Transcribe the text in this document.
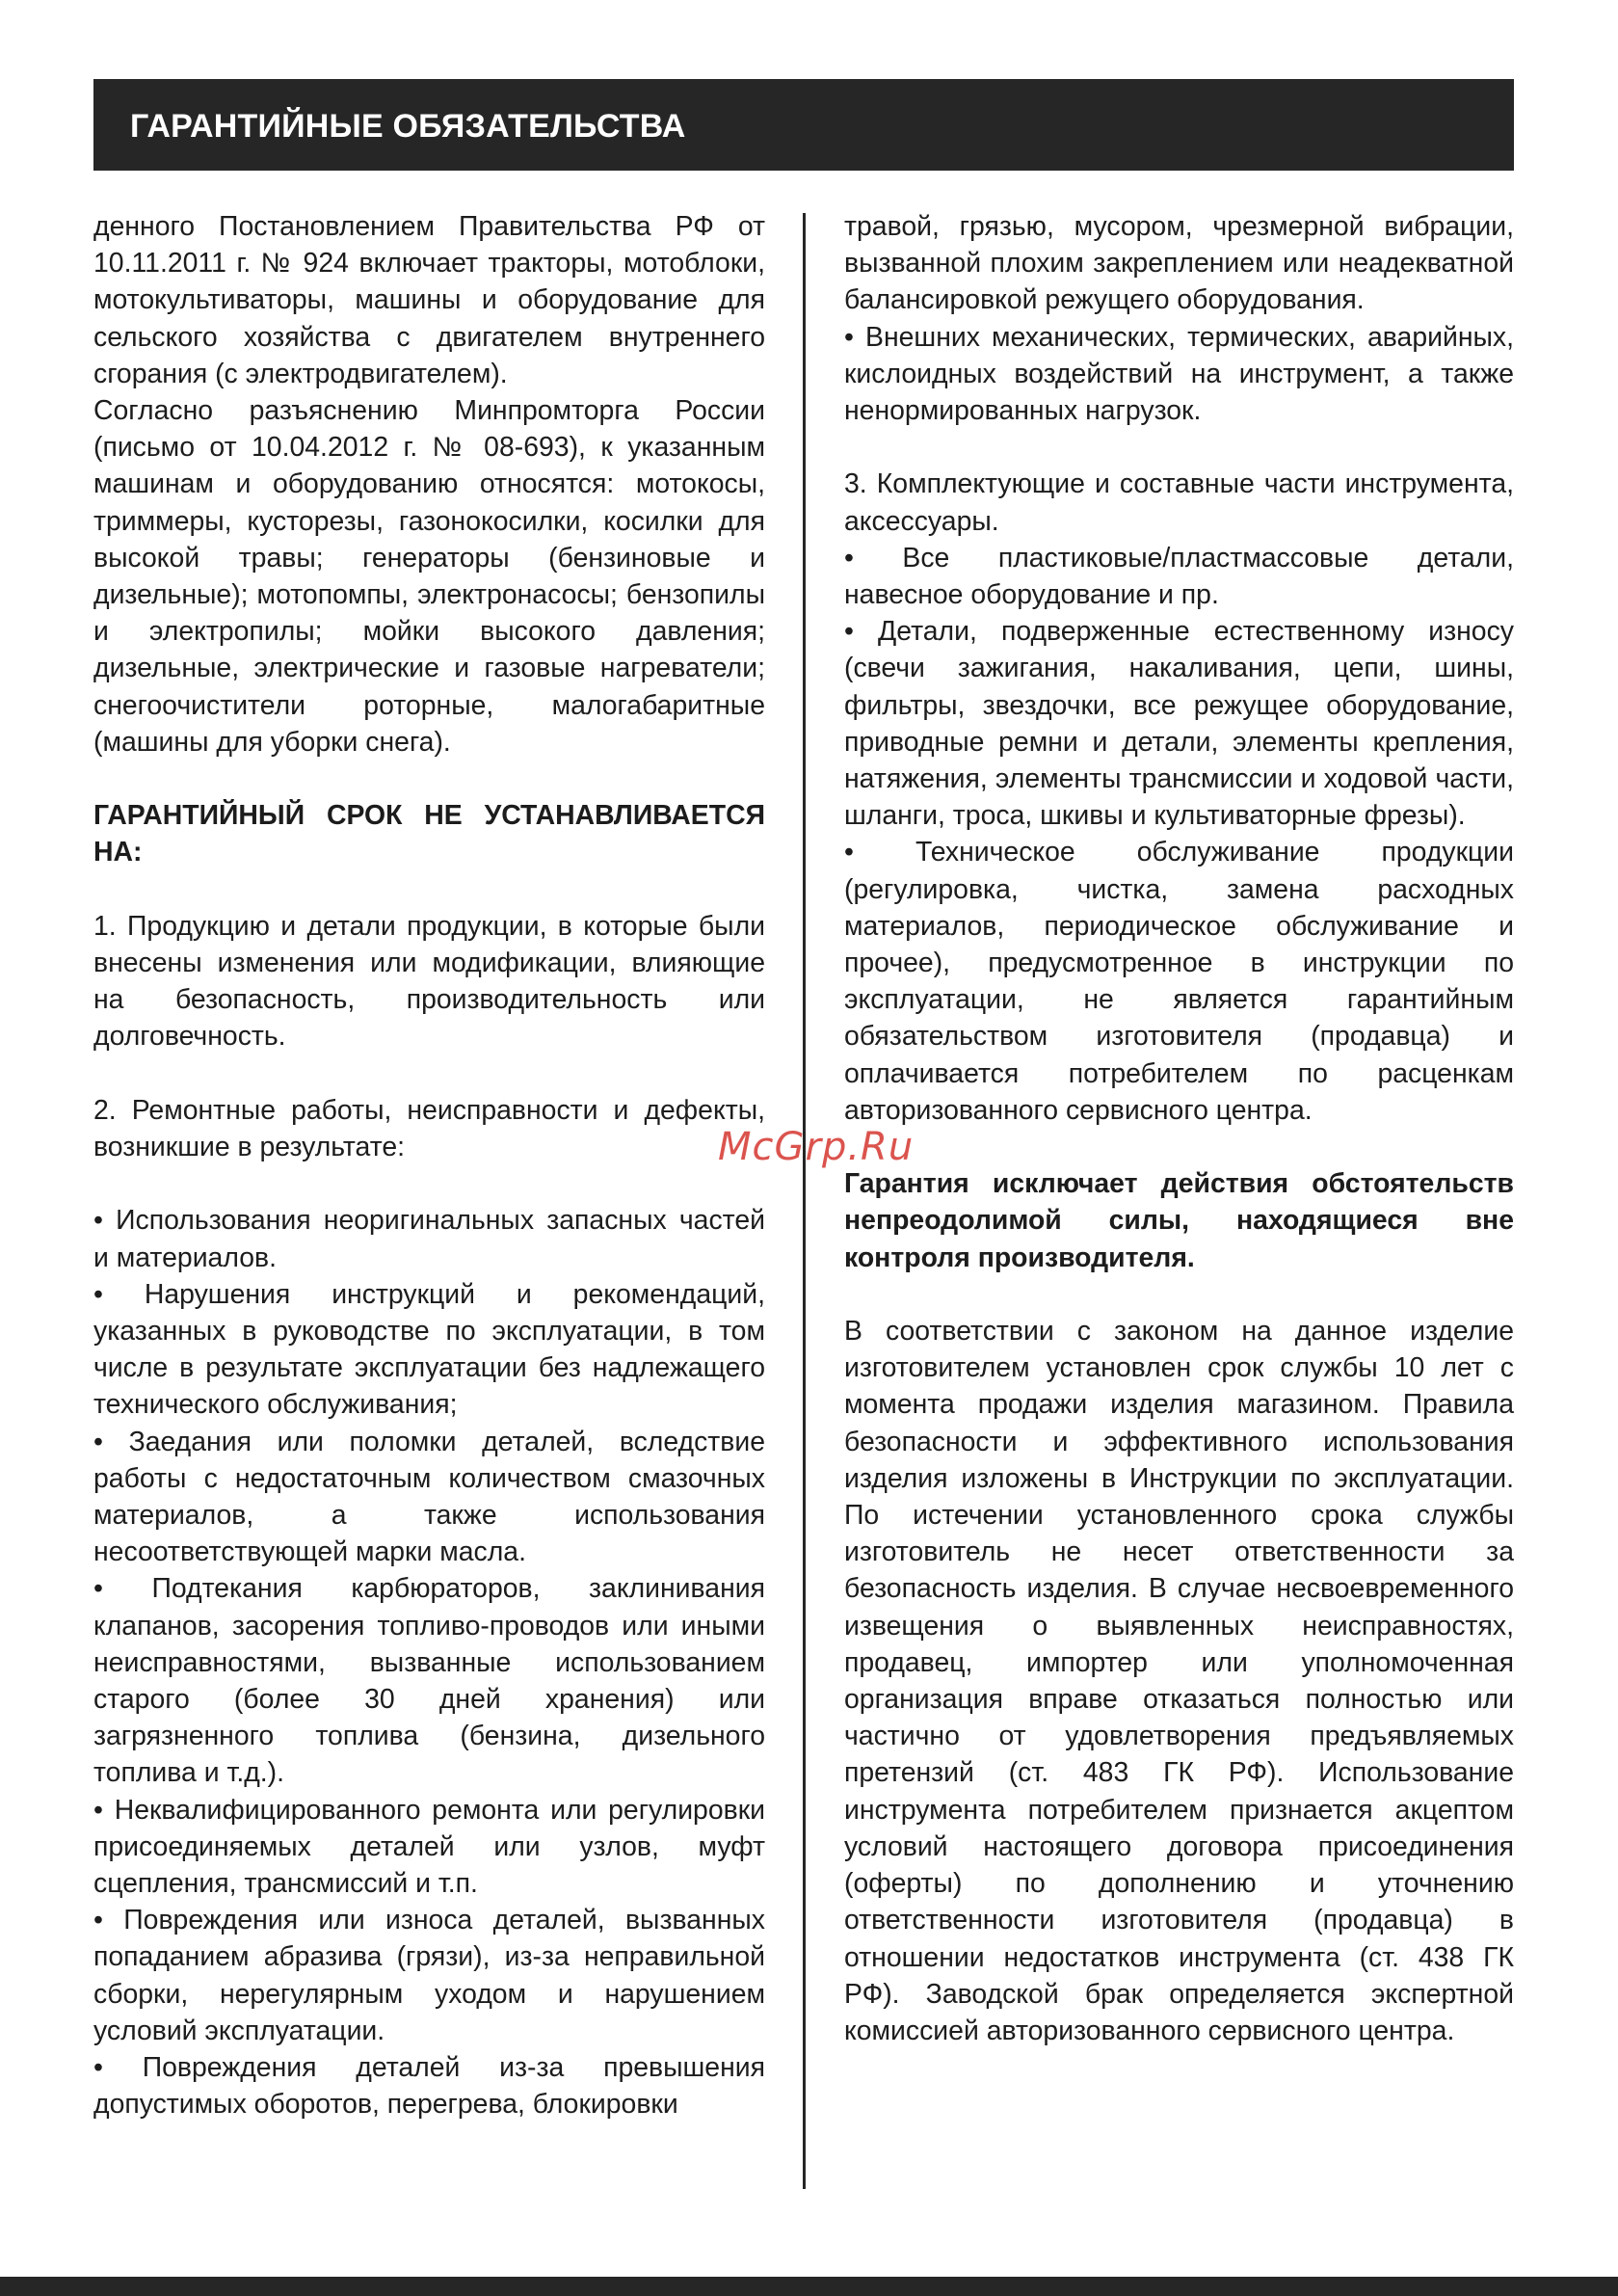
ГАРАНТИЙНЫЕ ОБЯЗАТЕЛЬСТВА

денного Постановлением Правительства РФ от 10.11.2011 г. № 924 включает тракторы, мотоблоки, мотокультиваторы, машины и оборудование для сельского хозяйства с двигателем внутреннего сгорания (с электродвигателем).

Согласно разъяснению Минпромторга России (письмо от 10.04.2012 г. № 08-693), к указанным машинам и оборудованию относятся: мотокосы, триммеры, кусторезы, газонокосилки, косилки для высокой травы; генераторы (бензиновые и дизельные); мотопомпы, электронасосы; бензопилы и электропилы; мойки высокого давления; дизельные, электрические и газовые нагреватели; снегоочистители роторные, малогабаритные (машины для уборки снега).

ГАРАНТИЙНЫЙ СРОК НЕ УСТАНАВЛИВАЕТСЯ НА:

1. Продукцию и детали продукции, в которые были внесены изменения или модификации, влияющие на безопасность, производительность или долговечность.

2. Ремонтные работы, неисправности и дефекты, возникшие в результате:

• Использования неоригинальных запасных частей и материалов.

• Нарушения инструкций и рекомендаций, указанных в руководстве по эксплуатации, в том числе в результате эксплуатации без надлежащего технического обслуживания;

• Заедания или поломки деталей, вследствие работы с недостаточным количеством смазочных материалов, а также использования несоответствующей марки масла.

• Подтекания карбюраторов, заклинивания клапанов, засорения топливо-проводов или иными неисправностями, вызванные использованием старого (более 30 дней хранения) или загрязненного топлива (бензина, дизельного топлива и т.д.).

• Неквалифицированного ремонта или регулировки присоединяемых деталей или узлов, муфт сцепления, трансмиссий и т.п.

• Повреждения или износа деталей, вызванных попаданием абразива (грязи), из-за неправильной сборки, нерегулярным уходом и нарушением условий эксплуатации.

• Повреждения деталей из-за превышения допустимых оборотов, перегрева, блокировки

травой, грязью, мусором, чрезмерной вибрации, вызванной плохим закреплением или неадекватной балансировкой режущего оборудования.

• Внешних механических, термических, аварийных, кислоидных воздействий на инструмент, а также ненормированных нагрузок.

3. Комплектующие и составные части инструмента, аксессуары.

• Все пластиковые/пластмассовые детали, навесное оборудование и пр.

• Детали, подверженные естественному износу (свечи зажигания, накаливания, цепи, шины, фильтры, звездочки, все режущее оборудование, приводные ремни и детали, элементы крепления, натяжения, элементы трансмиссии и ходовой части, шланги, троса, шкивы и культиваторные фрезы).

• Техническое обслуживание продукции (регулировка, чистка, замена расходных материалов, периодическое обслуживание и прочее), предусмотренное в инструкции по эксплуатации, не является гарантийным обязательством изготовителя (продавца) и оплачивается потребителем по расценкам авторизованного сервисного центра.

Гарантия исключает действия обстоятельств непреодолимой силы, находящиеся вне контроля производителя.

В соответствии с законом на данное изделие изготовителем установлен срок службы 10 лет с момента продажи изделия магазином. Правила безопасности и эффективного использования изделия изложены в Инструкции по эксплуатации. По истечении установленного срока службы изготовитель не несет ответственности за безопасность изделия. В случае несвоевременного извещения о выявленных неисправностях, продавец, импортер или уполномоченная организация вправе отказаться полностью или частично от удовлетворения предъявляемых претензий (ст. 483 ГК РФ). Использование инструмента потребителем признается акцептом условий настоящего договора присоединения (оферты) по дополнению и уточнению ответственности изготовителя (продавца) в отношении недостатков инструмента (ст. 438 ГК РФ). Заводской брак определяется экспертной комиссией авторизованного сервисного центра.

McGrp.Ru
